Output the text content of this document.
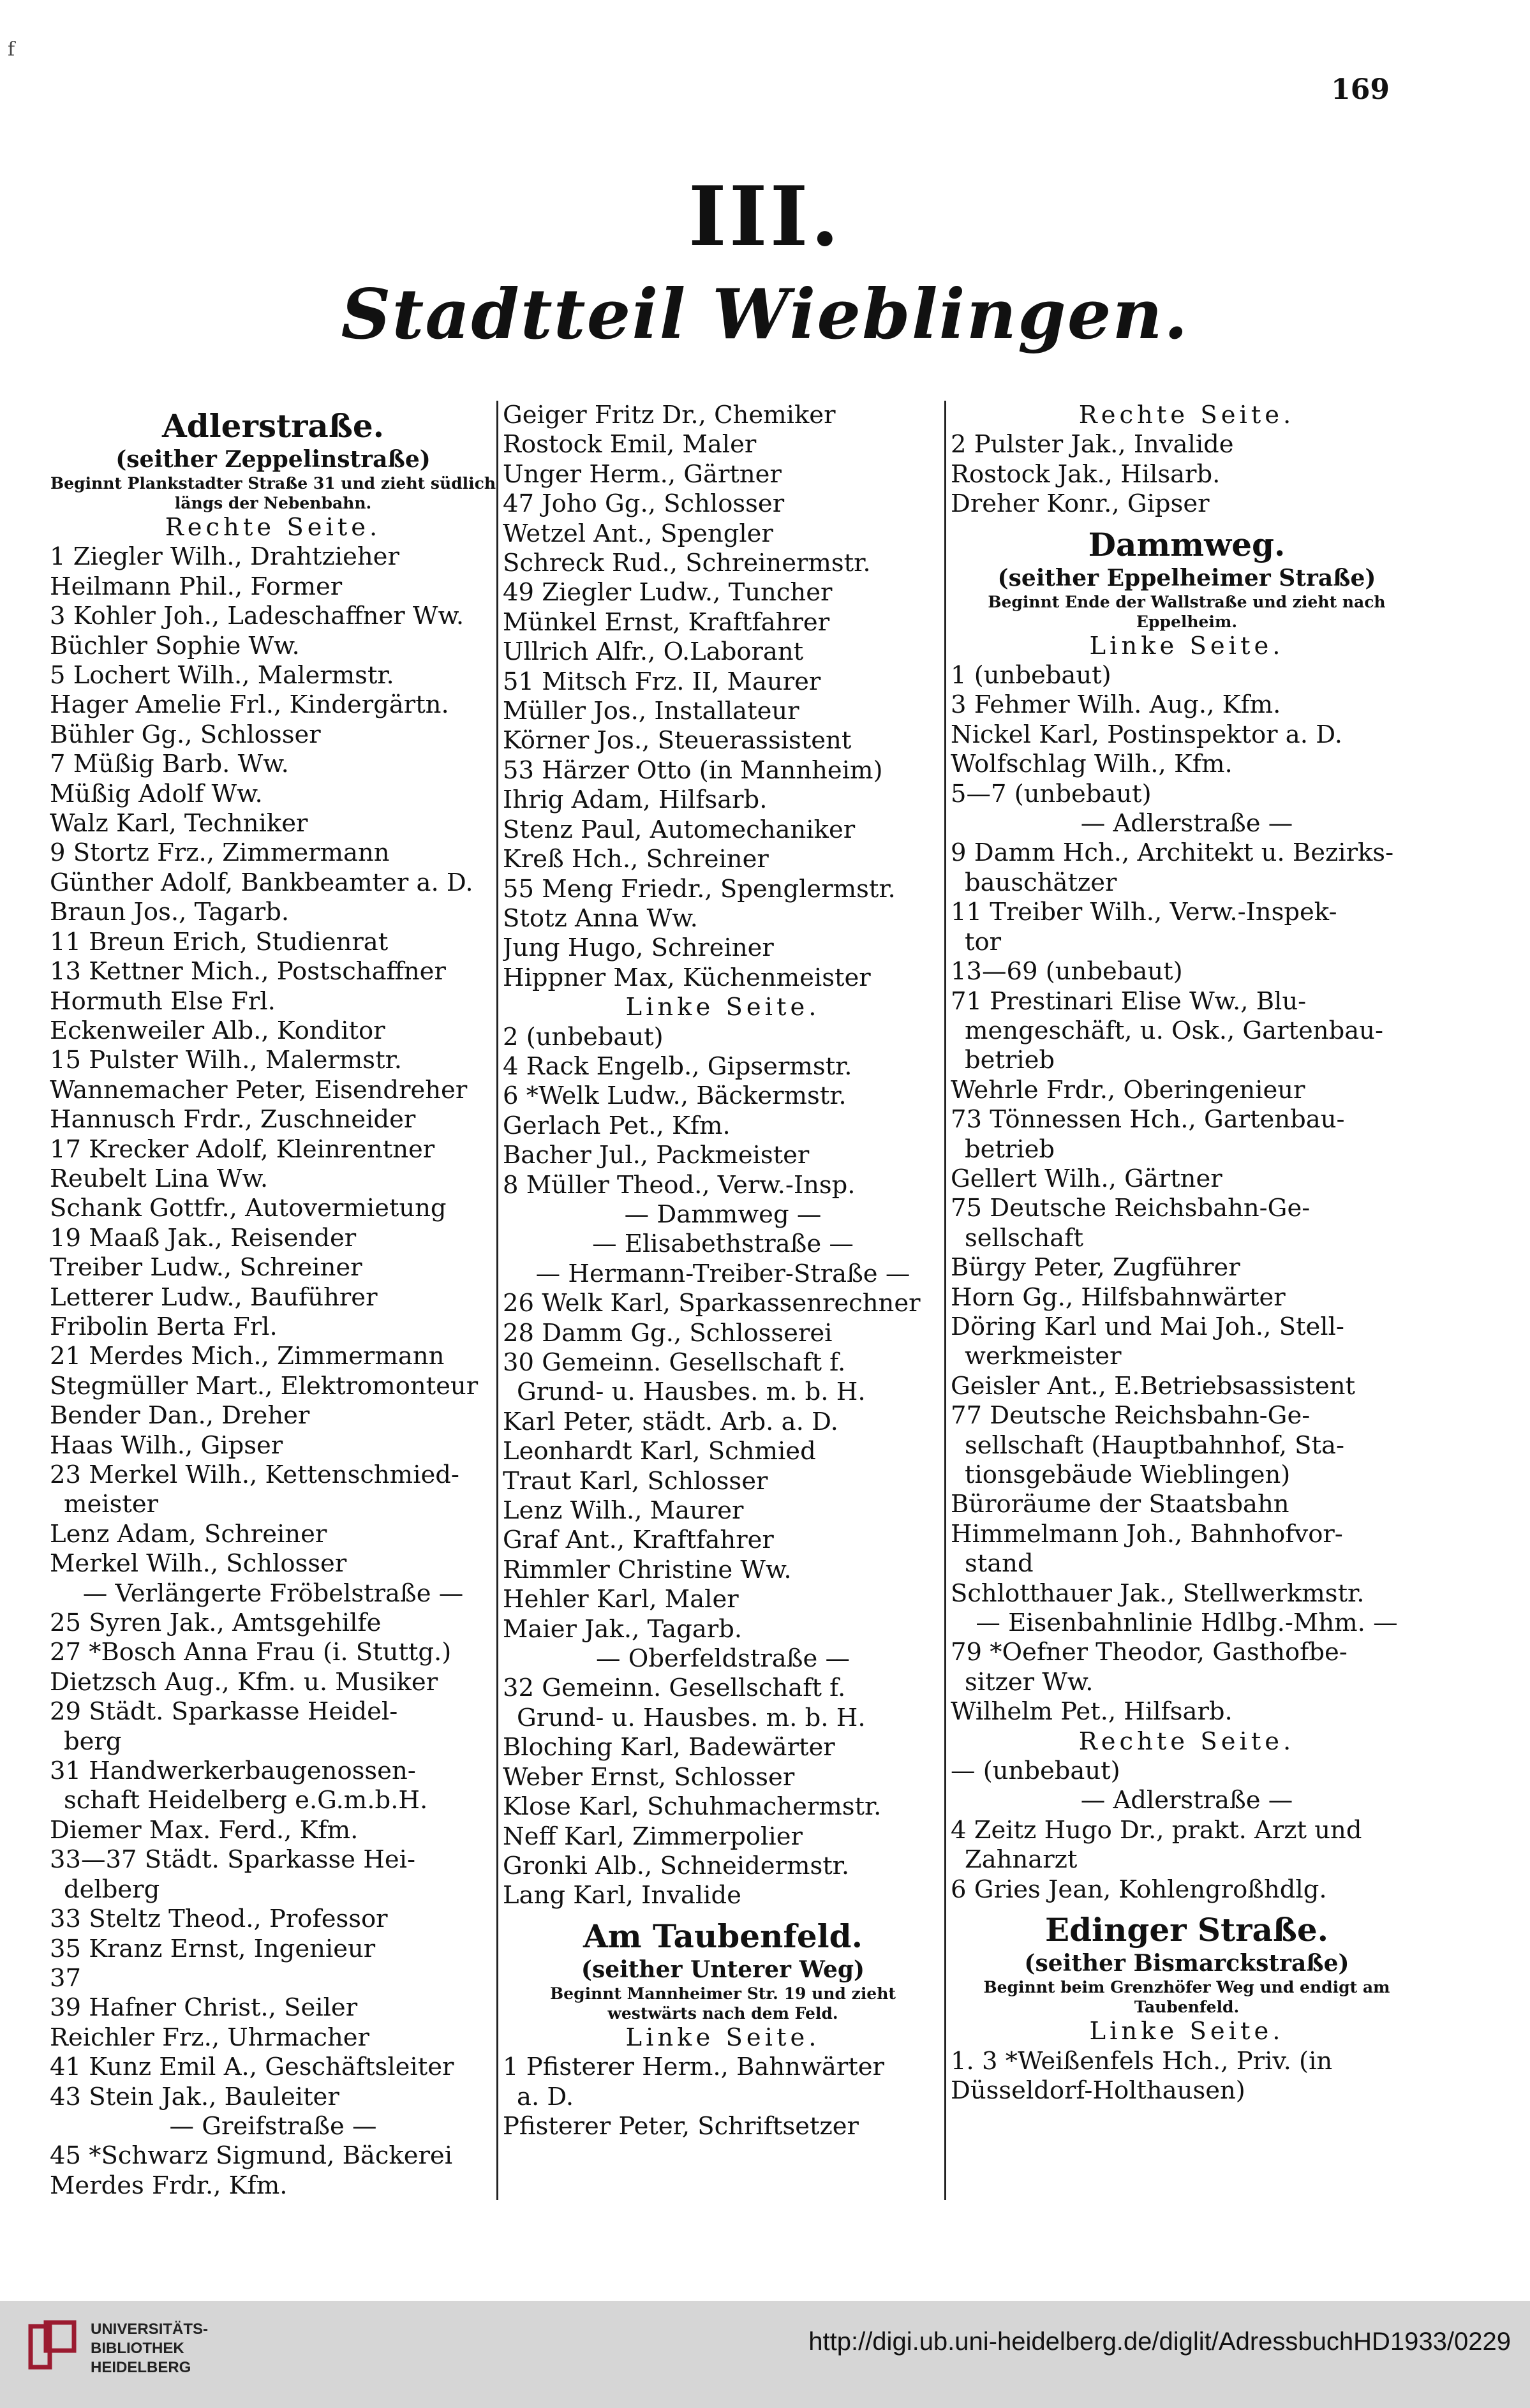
f
169
III.
Stadtteil Wieblingen.
Adlerstraße.
(seither Zeppelinstraße)
Beginnt Plankstadter Straße 31 und zieht südlich längs der Nebenbahn.
Rechte Seite.
1 Ziegler Wilh., Drahtzieher
Heilmann Phil., Former
3 Kohler Joh., Ladeschaffner Ww.
Büchler Sophie Ww.
5 Lochert Wilh., Malermstr.
Hager Amelie Frl., Kindergärtn.
Bühler Gg., Schlosser
7 Müßig Barb. Ww.
Müßig Adolf Ww.
Walz Karl, Techniker
9 Stortz Frz., Zimmermann
Günther Adolf, Bankbeamter a. D.
Braun Jos., Tagarb.
11 Breun Erich, Studienrat
13 Kettner Mich., Postschaffner
Hormuth Else Frl.
Eckenweiler Alb., Konditor
15 Pulster Wilh., Malermstr.
Wannemacher Peter, Eisendreher
Hannusch Frdr., Zuschneider
17 Krecker Adolf, Kleinrentner
Reubelt Lina Ww.
Schank Gottfr., Autovermietung
19 Maaß Jak., Reisender
Treiber Ludw., Schreiner
Letterer Ludw., Bauführer
Fribolin Berta Frl.
21 Merdes Mich., Zimmermann
Stegmüller Mart., Elektromonteur
Bender Dan., Dreher
Haas Wilh., Gipser
23 Merkel Wilh., Kettenschmied-
meister
Lenz Adam, Schreiner
Merkel Wilh., Schlosser
— Verlängerte Fröbelstraße —
25 Syren Jak., Amtsgehilfe
27 *Bosch Anna Frau (i. Stuttg.)
Dietzsch Aug., Kfm. u. Musiker
29 Städt. Sparkasse Heidel-
berg
31 Handwerkerbaugenossen-
schaft Heidelberg e.G.m.b.H.
Diemer Max. Ferd., Kfm.
33—37 Städt. Sparkasse Hei-
delberg
33 Steltz Theod., Professor
35 Kranz Ernst, Ingenieur
37
39 Hafner Christ., Seiler
Reichler Frz., Uhrmacher
41 Kunz Emil A., Geschäftsleiter
43 Stein Jak., Bauleiter
— Greifstraße —
45 *Schwarz Sigmund, Bäckerei
Merdes Frdr., Kfm.
Geiger Fritz Dr., Chemiker
Rostock Emil, Maler
Unger Herm., Gärtner
47 Joho Gg., Schlosser
Wetzel Ant., Spengler
Schreck Rud., Schreinermstr.
49 Ziegler Ludw., Tuncher
Münkel Ernst, Kraftfahrer
Ullrich Alfr., O.Laborant
51 Mitsch Frz. II, Maurer
Müller Jos., Installateur
Körner Jos., Steuerassistent
53 Härzer Otto (in Mannheim)
Ihrig Adam, Hilfsarb.
Stenz Paul, Automechaniker
Kreß Hch., Schreiner
55 Meng Friedr., Spenglermstr.
Stotz Anna Ww.
Jung Hugo, Schreiner
Hippner Max, Küchenmeister
Linke Seite.
2 (unbebaut)
4 Rack Engelb., Gipsermstr.
6 *Welk Ludw., Bäckermstr.
Gerlach Pet., Kfm.
Bacher Jul., Packmeister
8 Müller Theod., Verw.-Insp.
— Dammweg —
— Elisabethstraße —
— Hermann-Treiber-Straße —
26 Welk Karl, Sparkassenrechner
28 Damm Gg., Schlosserei
30 Gemeinn. Gesellschaft f.
Grund- u. Hausbes. m. b. H.
Karl Peter, städt. Arb. a. D.
Leonhardt Karl, Schmied
Traut Karl, Schlosser
Lenz Wilh., Maurer
Graf Ant., Kraftfahrer
Rimmler Christine Ww.
Hehler Karl, Maler
Maier Jak., Tagarb.
— Oberfeldstraße —
32 Gemeinn. Gesellschaft f.
Grund- u. Hausbes. m. b. H.
Bloching Karl, Badewärter
Weber Ernst, Schlosser
Klose Karl, Schuhmachermstr.
Neff Karl, Zimmerpolier
Gronki Alb., Schneidermstr.
Lang Karl, Invalide
Am Taubenfeld.
(seither Unterer Weg)
Beginnt Mannheimer Str. 19 und zieht westwärts nach dem Feld.
Linke Seite.
1 Pfisterer Herm., Bahnwärter
a. D.
Pfisterer Peter, Schriftsetzer
Rechte Seite.
2 Pulster Jak., Invalide
Rostock Jak., Hilsarb.
Dreher Konr., Gipser
Dammweg.
(seither Eppelheimer Straße)
Beginnt Ende der Wallstraße und zieht nach Eppelheim.
Linke Seite.
1 (unbebaut)
3 Fehmer Wilh. Aug., Kfm.
Nickel Karl, Postinspektor a. D.
Wolfschlag Wilh., Kfm.
5—7 (unbebaut)
— Adlerstraße —
9 Damm Hch., Architekt u. Bezirks-
bauschätzer
11 Treiber Wilh., Verw.-Inspek-
tor
13—69 (unbebaut)
71 Prestinari Elise Ww., Blu-
mengeschäft, u. Osk., Gartenbau-
betrieb
Wehrle Frdr., Oberingenieur
73 Tönnessen Hch., Gartenbau-
betrieb
Gellert Wilh., Gärtner
75 Deutsche Reichsbahn-Ge-
sellschaft
Bürgy Peter, Zugführer
Horn Gg., Hilfsbahnwärter
Döring Karl und Mai Joh., Stell-
werkmeister
Geisler Ant., E.Betriebsassistent
77 Deutsche Reichsbahn-Ge-
sellschaft (Hauptbahnhof, Sta-
tionsgebäude Wieblingen)
Büroräume der Staatsbahn
Himmelmann Joh., Bahnhofvor-
stand
Schlotthauer Jak., Stellwerkmstr.
— Eisenbahnlinie Hdlbg.-Mhm. —
79 *Oefner Theodor, Gasthofbe-
sitzer Ww.
Wilhelm Pet., Hilfsarb.
Rechte Seite.
— (unbebaut)
— Adlerstraße —
4 Zeitz Hugo Dr., prakt. Arzt und
Zahnarzt
6 Gries Jean, Kohlengroßhdlg.
Edinger Straße.
(seither Bismarckstraße)
Beginnt beim Grenzhöfer Weg und endigt am Taubenfeld.
Linke Seite.
1. 3 *Weißenfels Hch., Priv. (in
Düsseldorf-Holthausen)
UNIVERSITÄTS-
BIBLIOTHEK
HEIDELBERG
http://digi.ub.uni-heidelberg.de/diglit/AdressbuchHD1933/0229
